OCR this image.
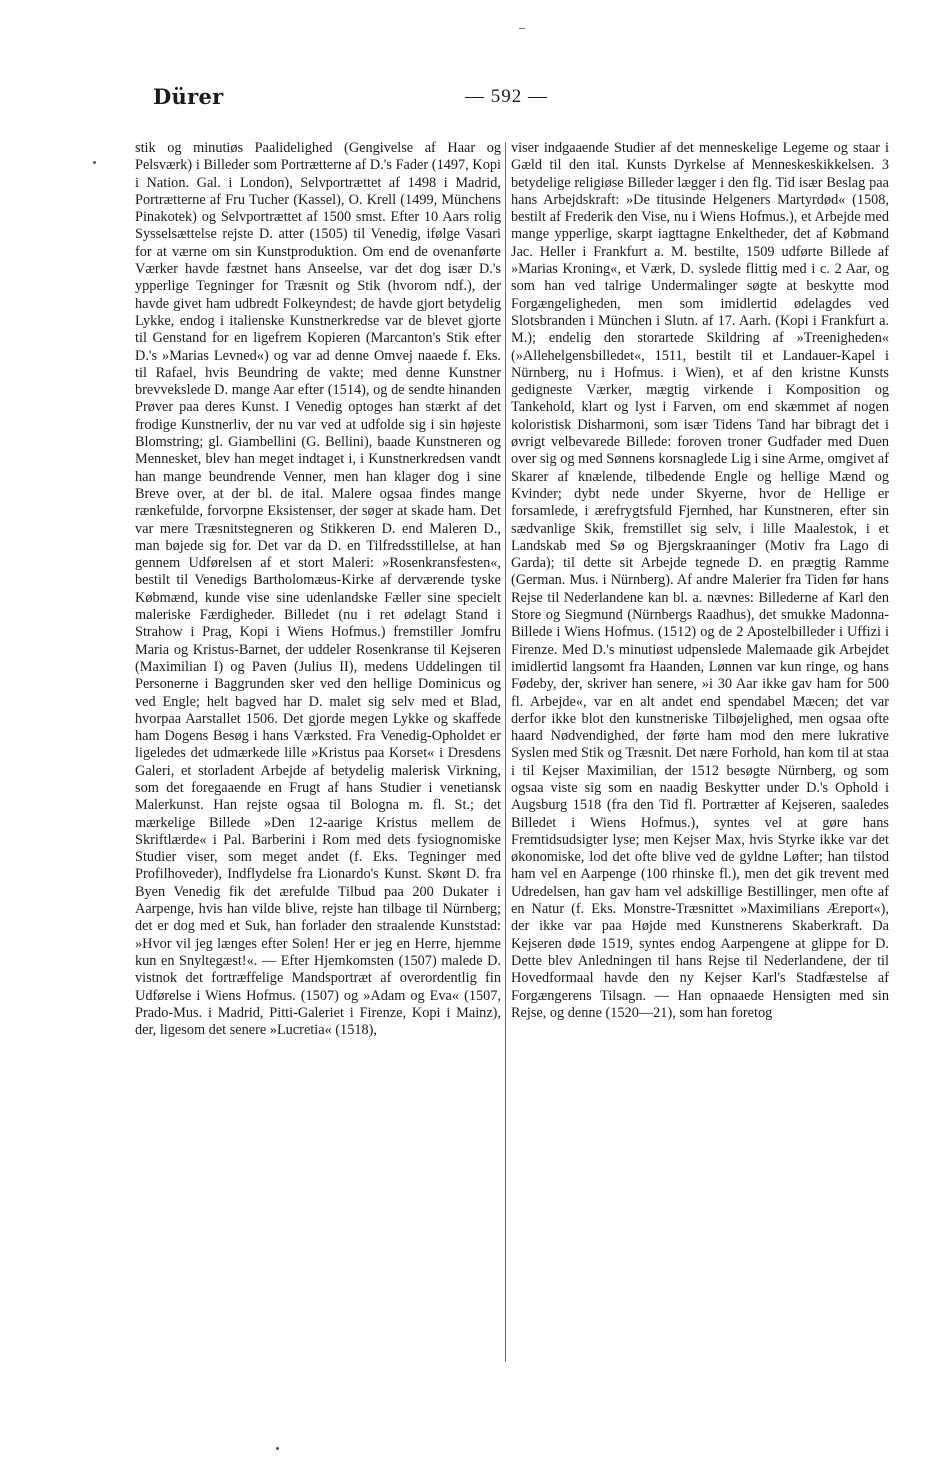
Dürer	— 592 —
stik og minutiøs Paalidelighed (Gengivelse af Haar og Pelsværk) i Billeder som Portrætterne af D.'s Fader (1497, Kopi i Nation. Gal. i London), Selvportrættet af 1498 i Madrid, Portrætterne af Fru Tucher (Kassel), O. Krell (1499, Münchens Pinakotek) og Selvportrættet af 1500 smst. Efter 10 Aars rolig Sysselsættelse rejste D. atter (1505) til Venedig, ifølge Vasari for at værne om sin Kunstproduktion. Om end de ovenanførte Værker havde fæstnet hans Anseelse, var det dog især D.'s ypperlige Tegninger for Træsnit og Stik (hvorom ndf.), der havde givet ham udbredt Folkeyndest; de havde gjort betydelig Lykke, endog i italienske Kunstnerkredse var de blevet gjorte til Genstand for en ligefrem Kopieren (Marcanton's Stik efter D.'s »Marias Levned«) og var ad denne Omvej naaede f. Eks. til Rafael, hvis Beundring de vakte; med denne Kunstner brevvekslede D. mange Aar efter (1514), og de sendte hinanden Prøver paa deres Kunst. I Venedig optoges han stærkt af det frodige Kunstnerliv, der nu var ved at udfolde sig i sin højeste Blomstring; gl. Giambellini (G. Bellini), baade Kunstneren og Mennesket, blev han meget indtaget i, i Kunstnerkredsen vandt han mange beundrende Venner, men han klager dog i sine Breve over, at der bl. de ital. Malere ogsaa findes mange rænkefulde, forvorpne Eksistenser, der søger at skade ham. Det var mere Træsnitstegneren og Stikkeren D. end Maleren D., man bøjede sig for. Det var da D. en Tilfredsstillelse, at han gennem Udførelsen af et stort Maleri: »Rosenkransfesten«, bestilt til Venedigs Bartholomæus-Kirke af derværende tyske Købmænd, kunde vise sine udenlandske Fæller sine specielt maleriske Færdigheder. Billedet (nu i ret ødelagt Stand i Strahow i Prag, Kopi i Wiens Hofmus.) fremstiller Jomfru Maria og Kristus-Barnet, der uddeler Rosenkranse til Kejseren (Maximilian I) og Paven (Julius II), medens Uddelingen til Personerne i Baggrunden sker ved den hellige Dominicus og ved Engle; helt bagved har D. malet sig selv med et Blad, hvorpaa Aarstallet 1506. Det gjorde megen Lykke og skaffede ham Dogens Besøg i hans Værksted. Fra Venedig-Opholdet er ligeledes det udmærkede lille »Kristus paa Korset« i Dresdens Galeri, et storladent Arbejde af betydelig malerisk Virkning, som det foregaaende en Frugt af hans Studier i venetiansk Malerkunst. Han rejste ogsaa til Bologna m. fl. St.; det mærkelige Billede »Den 12-aarige Kristus mellem de Skriftlærde« i Pal. Barberini i Rom med dets fysiognomiske Studier viser, som meget andet (f. Eks. Tegninger med Profilhoveder), Indflydelse fra Lionardo's Kunst. Skønt D. fra Byen Venedig fik det ærefulde Tilbud paa 200 Dukater i Aarpenge, hvis han vilde blive, rejste han tilbage til Nürnberg; det er dog med et Suk, han forlader den straalende Kunststad: »Hvor vil jeg længes efter Solen! Her er jeg en Herre, hjemme kun en Snyltegæst!«. — Efter Hjemkomsten (1507) malede D. vistnok det fortræffelige Mandsportræt af overordentlig fin Udførelse i Wiens Hofmus. (1507) og »Adam og Eva« (1507, Prado-Mus. i Madrid, Pitti-Galeriet i Firenze, Kopi i Mainz), der, ligesom det senere »Lucretia« (1518),
viser indgaaende Studier af det menneskelige Legeme og staar i Gæld til den ital. Kunsts Dyrkelse af Menneskeskikkelsen. 3 betydelige religiøse Billeder lægger i den flg. Tid især Beslag paa hans Arbejdskraft: »De titusinde Helgeners Martyrdød« (1508, bestilt af Frederik den Vise, nu i Wiens Hofmus.), et Arbejde med mange ypperlige, skarpt iagttagne Enkeltheder, det af Købmand Jac. Heller i Frankfurt a. M. bestilte, 1509 udførte Billede af »Marias Kroning«, et Værk, D. syslede flittig med i c. 2 Aar, og som han ved talrige Undermalinger søgte at beskytte mod Forgængeligheden, men som imidlertid ødelagdes ved Slotsbranden i München i Slutn. af 17. Aarh. (Kopi i Frankfurt a. M.); endelig den storartede Skildring af »Treenigheden« (»Allehelgensbilledet«, 1511, bestilt til et Landauer-Kapel i Nürnberg, nu i Hofmus. i Wien), et af den kristne Kunsts gedigneste Værker, mægtig virkende i Komposition og Tankehold, klart og lyst i Farven, om end skæmmet af nogen koloristisk Disharmoni, som især Tidens Tand har bibragt det i øvrigt velbevarede Billede: foroven troner Gudfader med Duen over sig og med Sønnens korsnaglede Lig i sine Arme, omgivet af Skarer af knælende, tilbedende Engle og hellige Mænd og Kvinder; dybt nede under Skyerne, hvor de Hellige er forsamlede, i ærefrygtsfuld Fjernhed, har Kunstneren, efter sin sædvanlige Skik, fremstillet sig selv, i lille Maalestok, i et Landskab med Sø og Bjergskraaninger (Motiv fra Lago di Garda); til dette sit Arbejde tegnede D. en prægtig Ramme (German. Mus. i Nürnberg). Af andre Malerier fra Tiden før hans Rejse til Nederlandene kan bl. a. nævnes: Billederne af Karl den Store og Siegmund (Nürnbergs Raadhus), det smukke Madonna-Billede i Wiens Hofmus. (1512) og de 2 Apostelbilleder i Uffizi i Firenze. Med D.'s minutiøst udpenslede Malemaade gik Arbejdet imidlertid langsomt fra Haanden, Lønnen var kun ringe, og hans Fødeby, der, skriver han senere, »i 30 Aar ikke gav ham for 500 fl. Arbejde«, var en alt andet end spendabel Mæcen; det var derfor ikke blot den kunstneriske Tilbøjelighed, men ogsaa ofte haard Nødvendighed, der førte ham mod den mere lukrative Syslen med Stik og Træsnit. Det nære Forhold, han kom til at staa i til Kejser Maximilian, der 1512 besøgte Nürnberg, og som ogsaa viste sig som en naadig Beskytter under D.'s Ophold i Augsburg 1518 (fra den Tid fl. Portrætter af Kejseren, saaledes Billedet i Wiens Hofmus.), syntes vel at gøre hans Fremtidsudsigter lyse; men Kejser Max, hvis Styrke ikke var det økonomiske, lod det ofte blive ved de gyldne Løfter; han tilstod ham vel en Aarpenge (100 rhinske fl.), men det gik trevent med Udredelsen, han gav ham vel adskillige Bestillinger, men ofte af en Natur (f. Eks. Monstre-Træsnittet »Maximilians Æreport«), der ikke var paa Højde med Kunstnerens Skaberkraft. Da Kejseren døde 1519, syntes endog Aarpengene at glippe for D. Dette blev Anledningen til hans Rejse til Nederlandene, der til Hovedformaal havde den ny Kejser Karl's Stadfæstelse af Forgængerens Tilsagn. — Han opnaaede Hensigten med sin Rejse, og denne (1520—21), som han foretog
